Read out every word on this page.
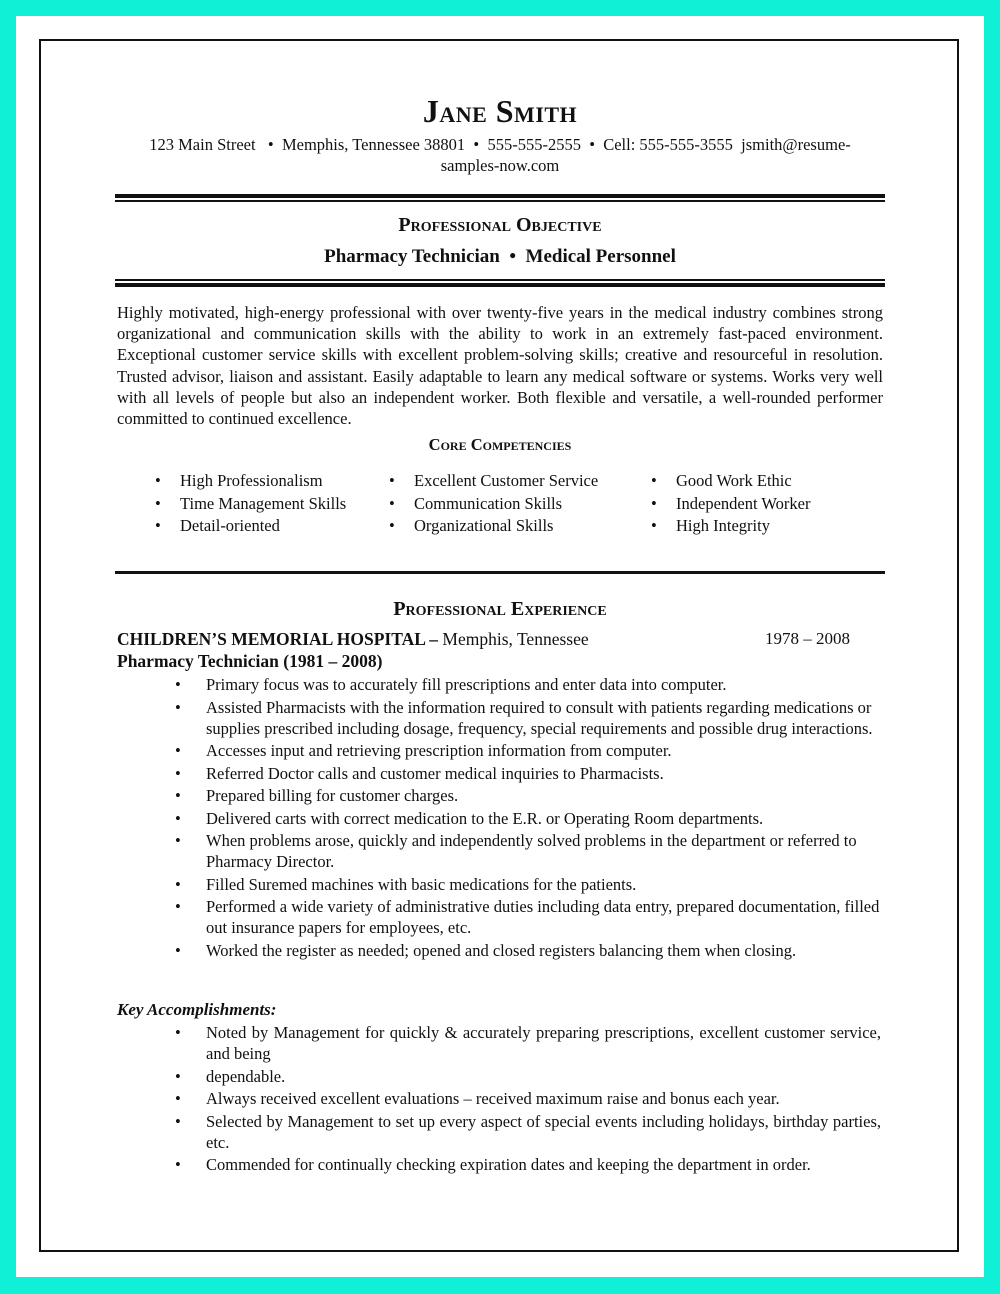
Jane Smith
123 Main Street   •  Memphis, Tennessee 38801  •  555-555-2555  •  Cell: 555-555-3555  jsmith@resume-
samples-now.com
Professional Objective
Pharmacy Technician  •  Medical Personnel
Highly motivated, high-energy professional with over twenty-five years in the medical industry combines strong organizational and communication skills with the ability to work in an extremely fast-paced environment. Exceptional customer service skills with excellent problem-solving skills; creative and resourceful in resolution. Trusted advisor, liaison and assistant. Easily adaptable to learn any medical software or systems. Works very well with all levels of people but also an independent worker. Both flexible and versatile, a well-rounded performer committed to continued excellence.
Core Competencies
• High Professionalism
• Time Management Skills
• Detail-oriented
• Excellent Customer Service
• Communication Skills
• Organizational Skills
• Good Work Ethic
• Independent Worker
• High Integrity
Professional Experience
CHILDREN’S MEMORIAL HOSPITAL – Memphis, Tennessee	1978 – 2008
Pharmacy Technician (1981 – 2008)
• Primary focus was to accurately fill prescriptions and enter data into computer.
• Assisted Pharmacists with the information required to consult with patients regarding medications or supplies prescribed including dosage, frequency, special requirements and possible drug interactions.
• Accesses input and retrieving prescription information from computer.
• Referred Doctor calls and customer medical inquiries to Pharmacists.
• Prepared billing for customer charges.
• Delivered carts with correct medication to the E.R. or Operating Room departments.
• When problems arose, quickly and independently solved problems in the department or referred to Pharmacy Director.
• Filled Suremed machines with basic medications for the patients.
• Performed a wide variety of administrative duties including data entry, prepared documentation, filled out insurance papers for employees, etc.
• Worked the register as needed; opened and closed registers balancing them when closing.
Key Accomplishments:
• Noted by Management for quickly & accurately preparing prescriptions, excellent customer service, and being
• dependable.
• Always received excellent evaluations – received maximum raise and bonus each year.
• Selected by Management to set up every aspect of special events including holidays, birthday parties, etc.
• Commended for continually checking expiration dates and keeping the department in order.
